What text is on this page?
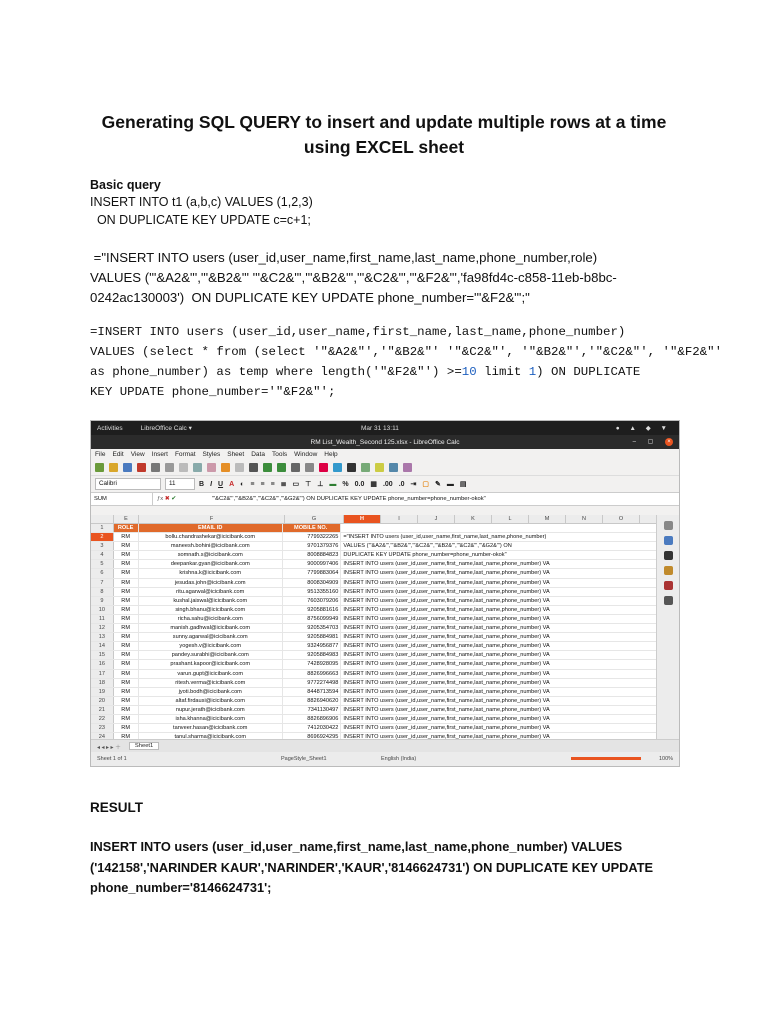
Generating SQL QUERY to insert and update multiple rows at a time
using EXCEL sheet
Basic query
INSERT INTO t1 (a,b,c) VALUES (1,2,3)
ON DUPLICATE KEY UPDATE c=c+1;
="INSERT INTO users (user_id,user_name,first_name,last_name,phone_number,role)
VALUES ('"&A2&"','"&B2&"' '"&C2&"','"&B2&"','"&C2&"','"&F2&"','fa98fd4c-c858-11eb-b8bc-
0242ac130003')  ON DUPLICATE KEY UPDATE phone_number='"&F2&"';"
=INSERT INTO users (user_id,user_name,first_name,last_name,phone_number)
VALUES (select * from (select '"&A2&"','"&B2&"' '"&C2&"', '"&B2&"','"&C2&"', '"&F2&"'
as phone_number) as temp where length('"&F2&"') >=10 limit 1) ON DUPLICATE
KEY UPDATE phone_number='"&F2&"';
Activities	LibreOffice Calc ▾	Mar 31 13:11	● ▲ ◆ ▼
RM List_Wealth_Second 125.xlsx - LibreOffice Calc	– ▢ ×
File Edit View Insert Format Styles Sheet Data Tools Window Help
Calibri	11	B I U A ◐ ≡ ≡ ≡ ≣ ▭ ⊤ ⊥ ▬ % 0.0 ▦ .00 .0 ⇥ ▢ ✎ ▬ ▤
SUM	ƒx ✖ ✔	'"&C2&"','"&B2&"','"&C2&"','"&G2&"') ON DUPLICATE KEY UPDATE phone_number=phone_number-okok"
E	F	G	H	I	J	K	L	M	N	O
1	ROLE	EMAIL ID	MOBILE NO.
2	RM	bollu.chandrashekar@icicibank.com	7799322265 ="INSERT INTO users (user_id,user_name,first_name,last_name,phone_number)
3	RM	maneesh.bohini@icicibank.com	9701379376 VALUES ('"&A2&"','"&B2&"','"&C2&"','"&B2&"','"&C2&"','"&G2&"') ON
4	RM	somnath.s@icicibank.com	8008884823 DUPLICATE KEY UPDATE phone_number=phone_number-okok"
5	RM	deepankar.gyan@icicibank.com	9000997406 INSERT INTO users (user_id,user_name,first_name,last_name,phone_number) VA
6	RM	krishna.k@icicibank.com	7799883064 INSERT INTO users (user_id,user_name,first_name,last_name,phone_number) VA
7	RM	jesudas.john@icicibank.com	8008304909 INSERT INTO users (user_id,user_name,first_name,last_name,phone_number) VA
8	RM	ritu.agarwal@icicibank.com	9513355160 INSERT INTO users (user_id,user_name,first_name,last_name,phone_number) VA
9	RM	kushal.jaiswal@icicibank.com	7603079206 INSERT INTO users (user_id,user_name,first_name,last_name,phone_number) VA
10	RM	singh.bhanu@icicibank.com	9205881616 INSERT INTO users (user_id,user_name,first_name,last_name,phone_number) VA
11	RM	richa.sahu@icicibank.com	8756099949 INSERT INTO users (user_id,user_name,first_name,last_name,phone_number) VA
12	RM	manish.gadhwal@icicibank.com	9205354703 INSERT INTO users (user_id,user_name,first_name,last_name,phone_number) VA
13	RM	sunny.agarwal@icicibank.com	9205884981 INSERT INTO users (user_id,user_name,first_name,last_name,phone_number) VA
14	RM	yogesh.v@icicibank.com	9324956877 INSERT INTO users (user_id,user_name,first_name,last_name,phone_number) VA
15	RM	pandey.surabhi@icicibank.com	9205884983 INSERT INTO users (user_id,user_name,first_name,last_name,phone_number) VA
16	RM	prashant.kapoor@icicibank.com	7428928095 INSERT INTO users (user_id,user_name,first_name,last_name,phone_number) VA
17	RM	varun.gupt@icicibank.com	8826996663 INSERT INTO users (user_id,user_name,first_name,last_name,phone_number) VA
18	RM	ritesh.verma@icicibank.com	9772274498 INSERT INTO users (user_id,user_name,first_name,last_name,phone_number) VA
19	RM	jyoti.bodh@icicibank.com	8448713594 INSERT INTO users (user_id,user_name,first_name,last_name,phone_number) VA
20	RM	altaf.firdausi@icicibank.com	8826940620 INSERT INTO users (user_id,user_name,first_name,last_name,phone_number) VA
21	RM	nupur.jerath@icicibank.com	7341130497 INSERT INTO users (user_id,user_name,first_name,last_name,phone_number) VA
22	RM	isha.khanna@icicibank.com	8826896906 INSERT INTO users (user_id,user_name,first_name,last_name,phone_number) VA
23	RM	tanveer.hasan@icicibank.com	7412030422 INSERT INTO users (user_id,user_name,first_name,last_name,phone_number) VA
24	RM	tanul.sharma@icicibank.com	8696924295 INSERT INTO users (user_id,user_name,first_name,last_name,phone_number) VA
◂ ◂ ▸ ▸ ＋	Sheet1
Sheet 1 of 1	PageStyle_Sheet1	English (India)	100%
RESULT
INSERT INTO users (user_id,user_name,first_name,last_name,phone_number) VALUES
('142158','NARINDER KAUR','NARINDER','KAUR','8146624731') ON DUPLICATE KEY UPDATE
phone_number='8146624731';
